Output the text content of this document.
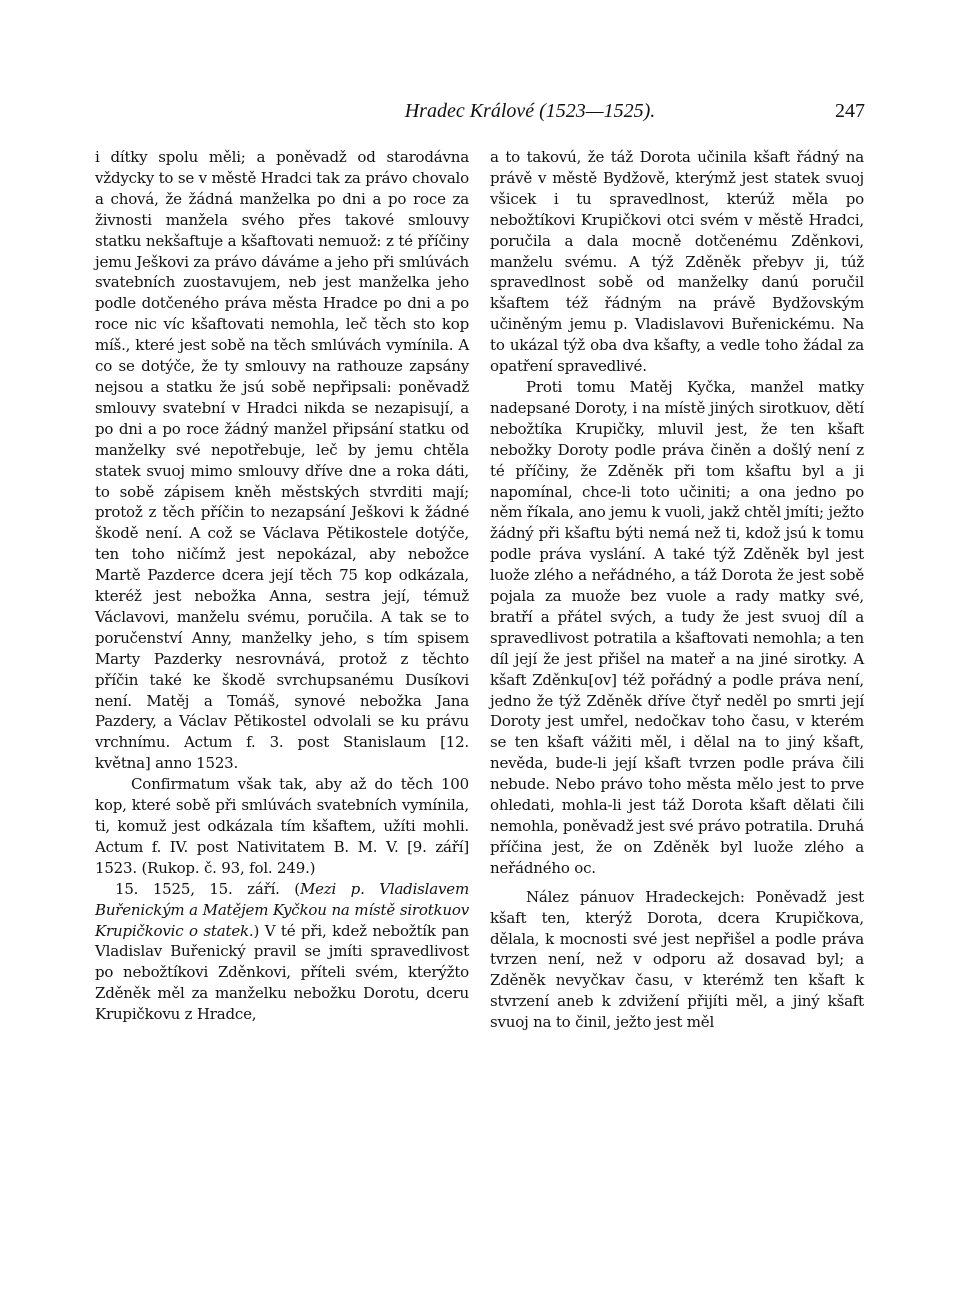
Hradec Králové (1523—1525).	247

i dítky spolu měli; a poněvadž od starodávna vždycky to se v městě Hradci tak za právo chovalo a chová, že žádná manželka po dni a po roce za živnosti manžela svého přes takové smlouvy statku nekšaftuje a kšaftovati nemuož: z té příčiny jemu Ješkovi za právo dáváme a jeho při smlúvách svatebních zuostavujem, neb jest manželka jeho podle dotčeného práva města Hradce po dni a po roce nic víc kšaftovati nemohla, leč těch sto kop míš., které jest sobě na těch smlúvách vymínila. A co se dotýče, že ty smlouvy na rathouze zapsány nejsou a statku že jsú sobě nepřipsali: poněvadž smlouvy svatební v Hradci nikda se nezapisují, a po dni a po roce žádný manžel připsání statku od manželky své nepotřebuje, leč by jemu chtěla statek svuoj mimo smlouvy dříve dne a roka dáti, to sobě zápisem kněh městských stvrditi mají; protož z těch příčin to nezapsání Ješkovi k žádné škodě není. A což se Václava Pětikostele dotýče, ten toho ničímž jest nepokázal, aby nebožce Martě Pazderce dcera její těch 75 kop odkázala, kteréž jest nebožka Anna, sestra její, témuž Václavovi, manželu svému, poručila. A tak se to poručenství Anny, manželky jeho, s tím spisem Marty Pazderky nesrovnává, protož z těchto příčin také ke škodě svrchupsanému Dusíkovi není. Matěj a Tomáš, synové nebožka Jana Pazdery, a Václav Pětikostel odvolali se ku právu vrchnímu. Actum f. 3. post Stanislaum [12. května] anno 1523.

Confirmatum však tak, aby až do těch 100 kop, které sobě při smlúvách svatebních vymínila, ti, komuž jest odkázala tím kšaftem, užíti mohli. Actum f. IV. post Nativitatem B. M. V. [9. září] 1523. (Rukop. č. 93, fol. 249.)

15. 1525, 15. září. (Mezi p. Vladislavem Buřenickým a Matějem Kyčkou na místě sirotkuov Krupičkovic o statek.) V té při, kdež nebožtík pan Vladislav Buřenický pravil se jmíti spravedlivost po nebožtíkovi Zděnkovi, příteli svém, kterýžto Zděněk měl za manželku nebožku Dorotu, dceru Krupičkovu z Hradce,

a to takovú, že táž Dorota učinila kšaft řádný na právě v městě Bydžově, kterýmž jest statek svuoj všicek i tu spravedlnost, kterúž měla po nebožtíkovi Krupičkovi otci svém v městě Hradci, poručila a dala mocně dotčenému Zděnkovi, manželu svému. A týž Zděněk přebyv ji, túž spravedlnost sobě od manželky danú poručil kšaftem též řádným na právě Bydžovským učiněným jemu p. Vladislavovi Buřenickému. Na to ukázal týž oba dva kšafty, a vedle toho žádal za opatření spravedlivé.

Proti tomu Matěj Kyčka, manžel matky nadepsané Doroty, i na místě jiných sirotkuov, dětí nebožtíka Krupičky, mluvil jest, že ten kšaft nebožky Doroty podle práva činěn a došlý není z té příčiny, že Zděněk při tom kšaftu byl a ji napomínal, chce-li toto učiniti; a ona jedno po něm říkala, ano jemu k vuoli, jakž chtěl jmíti; ježto žádný při kšaftu býti nemá než ti, kdož jsú k tomu podle práva vyslání. A také týž Zděněk byl jest luože zlého a neřádného, a táž Dorota že jest sobě pojala za muože bez vuole a rady matky své, bratří a přátel svých, a tudy že jest svuoj díl a spravedlivost potratila a kšaftovati nemohla; a ten díl její že jest přišel na mateř a na jiné sirotky. A kšaft Zděnku[ov] též pořádný a podle práva není, jedno že týž Zděněk dříve čtyř neděl po smrti její Doroty jest umřel, nedočkav toho času, v kterém se ten kšaft vážiti měl, i dělal na to jiný kšaft, nevěda, bude-li její kšaft tvrzen podle práva čili nebude. Nebo právo toho města mělo jest to prve ohledati, mohla-li jest táž Dorota kšaft dělati čili nemohla, poněvadž jest své právo potratila. Druhá příčina jest, že on Zděněk byl luože zlého a neřádného oc.

Nález pánuov Hradeckejch: Poněvadž jest kšaft ten, kterýž Dorota, dcera Krupičkova, dělala, k mocnosti své jest nepřišel a podle práva tvrzen není, než v odporu až dosavad byl; a Zděněk nevyčkav času, v kterémž ten kšaft k stvrzení aneb k zdvižení přijíti měl, a jiný kšaft svuoj na to činil, ježto jest měl
